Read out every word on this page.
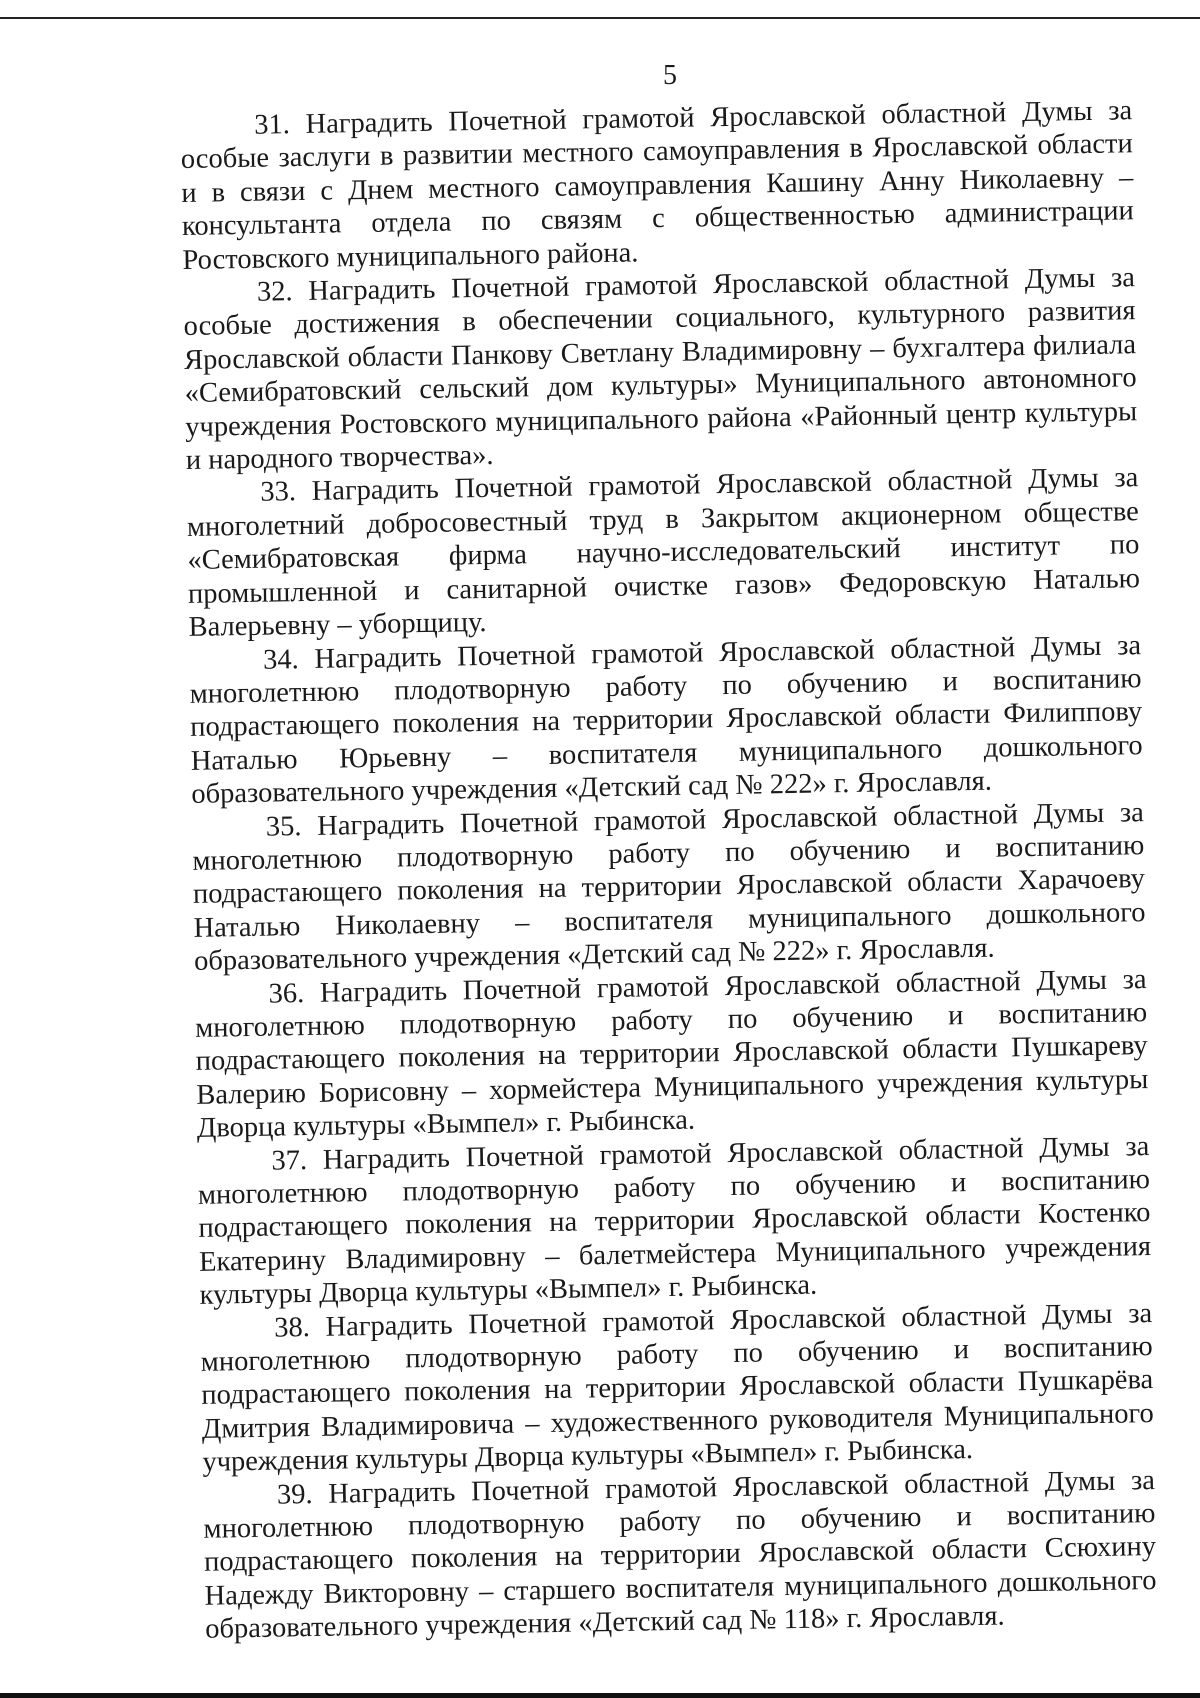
5

31. Наградить Почетной грамотой Ярославской областной Думы за особые заслуги в развитии местного самоуправления в Ярославской области и в связи с Днем местного самоуправления Кашину Анну Николаевну – консультанта отдела по связям с общественностью администрации Ростовского муниципального района.

32. Наградить Почетной грамотой Ярославской областной Думы за особые достижения в обеспечении социального, культурного развития Ярославской области Панкову Светлану Владимировну – бухгалтера филиала «Семибратовский сельский дом культуры» Муниципального автономного учреждения Ростовского муниципального района «Районный центр культуры и народного творчества».

33. Наградить Почетной грамотой Ярославской областной Думы за многолетний добросовестный труд в Закрытом акционерном обществе «Семибратовская фирма научно-исследовательский институт по промышленной и санитарной очистке газов» Федоровскую Наталью Валерьевну – уборщицу.

34. Наградить Почетной грамотой Ярославской областной Думы за многолетнюю плодотворную работу по обучению и воспитанию подрастающего поколения на территории Ярославской области Филиппову Наталью Юрьевну – воспитателя муниципального дошкольного образовательного учреждения «Детский сад № 222» г. Ярославля.

35. Наградить Почетной грамотой Ярославской областной Думы за многолетнюю плодотворную работу по обучению и воспитанию подрастающего поколения на территории Ярославской области Харачоеву Наталью Николаевну – воспитателя муниципального дошкольного образовательного учреждения «Детский сад № 222» г. Ярославля.

36. Наградить Почетной грамотой Ярославской областной Думы за многолетнюю плодотворную работу по обучению и воспитанию подрастающего поколения на территории Ярославской области Пушкареву Валерию Борисовну – хормейстера Муниципального учреждения культуры Дворца культуры «Вымпел» г. Рыбинска.

37. Наградить Почетной грамотой Ярославской областной Думы за многолетнюю плодотворную работу по обучению и воспитанию подрастающего поколения на территории Ярославской области Костенко Екатерину Владимировну – балетмейстера Муниципального учреждения культуры Дворца культуры «Вымпел» г. Рыбинска.

38. Наградить Почетной грамотой Ярославской областной Думы за многолетнюю плодотворную работу по обучению и воспитанию подрастающего поколения на территории Ярославской области Пушкарёва Дмитрия Владимировича – художественного руководителя Муниципального учреждения культуры Дворца культуры «Вымпел» г. Рыбинска.

39. Наградить Почетной грамотой Ярославской областной Думы за многолетнюю плодотворную работу по обучению и воспитанию подрастающего поколения на территории Ярославской области Ссюхину Надежду Викторовну – старшего воспитателя муниципального дошкольного образовательного учреждения «Детский сад № 118» г. Ярославля.
